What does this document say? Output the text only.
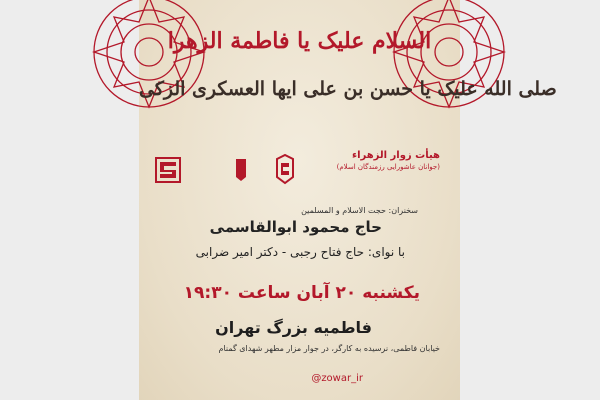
السلام علیک یا فاطمة الزهرا
صلی الله علیک یا حسن بن علی ایها العسکری الزکی
هیأت زوار الزهراء
(جوانان عاشورایی رزمندگان اسلام)
سخنران: حجت الاسلام و المسلمین
حاج محمود ابوالقاسمی
با نوای: حاج فتاح رجبی - دکتر امیر ضرابی
یکشنبه ۲۰ آبان ساعت ۱۹:۳۰
فاطمیه بزرگ تهران
خیابان فاطمی، نرسیده به کارگر، در جوار مزار مطهر شهدای گمنام
@zowar_ir
